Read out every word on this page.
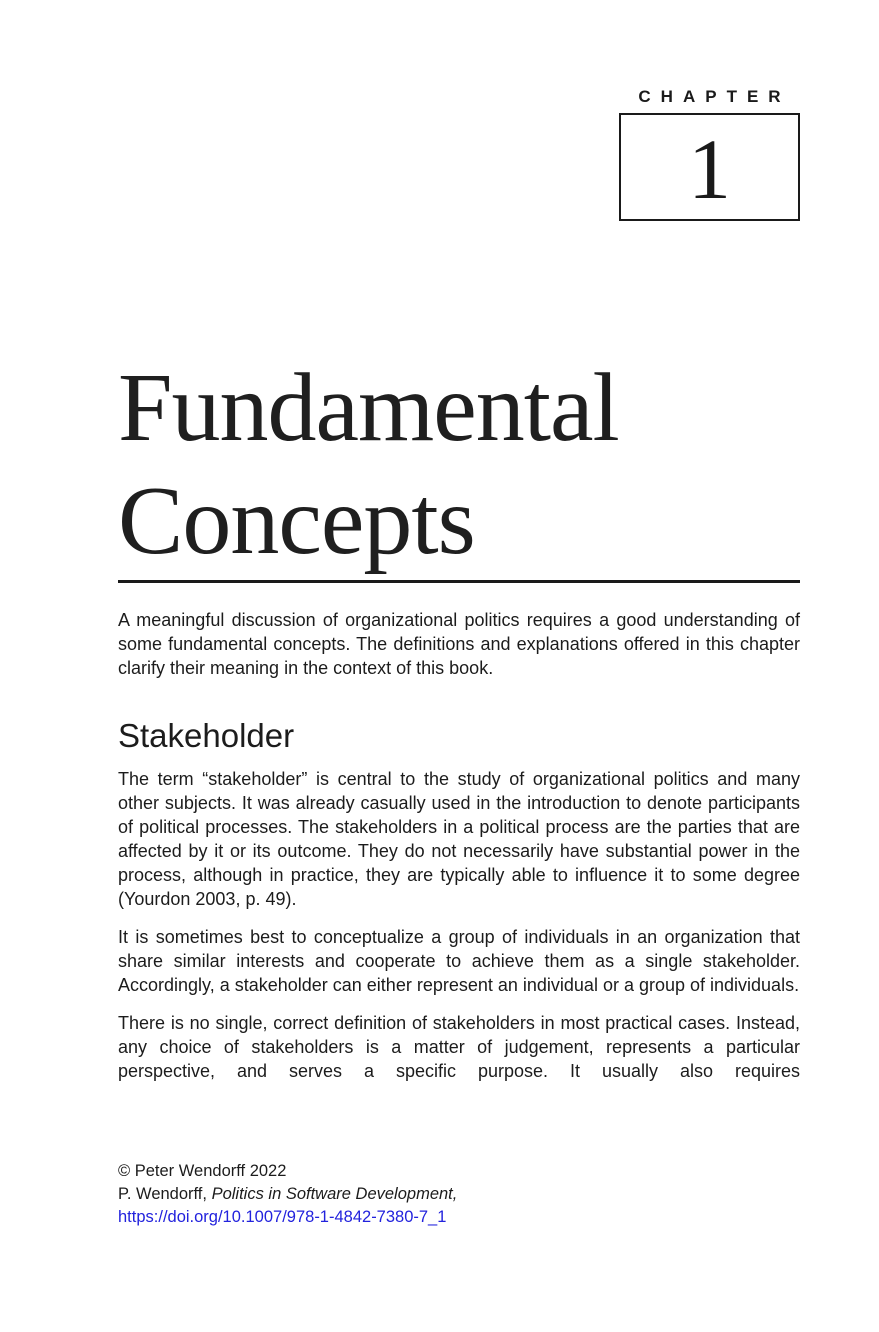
CHAPTER
1
Fundamental
Concepts

A meaningful discussion of organizational politics requires a good understanding of some fundamental concepts. The definitions and explanations offered in this chapter clarify their meaning in the context of this book.

Stakeholder

The term “stakeholder” is central to the study of organizational politics and many other subjects. It was already casually used in the introduction to denote participants of political processes. The stakeholders in a political process are the parties that are affected by it or its outcome. They do not necessarily have substantial power in the process, although in practice, they are typically able to influence it to some degree (Yourdon 2003, p. 49).

It is sometimes best to conceptualize a group of individuals in an organization that share similar interests and cooperate to achieve them as a single stakeholder. Accordingly, a stakeholder can either represent an individual or a group of individuals.

There is no single, correct definition of stakeholders in most practical cases. Instead, any choice of stakeholders is a matter of judgement, represents a particular perspective, and serves a specific purpose. It usually also requires

© Peter Wendorff 2022
P. Wendorff, Politics in Software Development,
https://doi.org/10.1007/978-1-4842-7380-7_1
